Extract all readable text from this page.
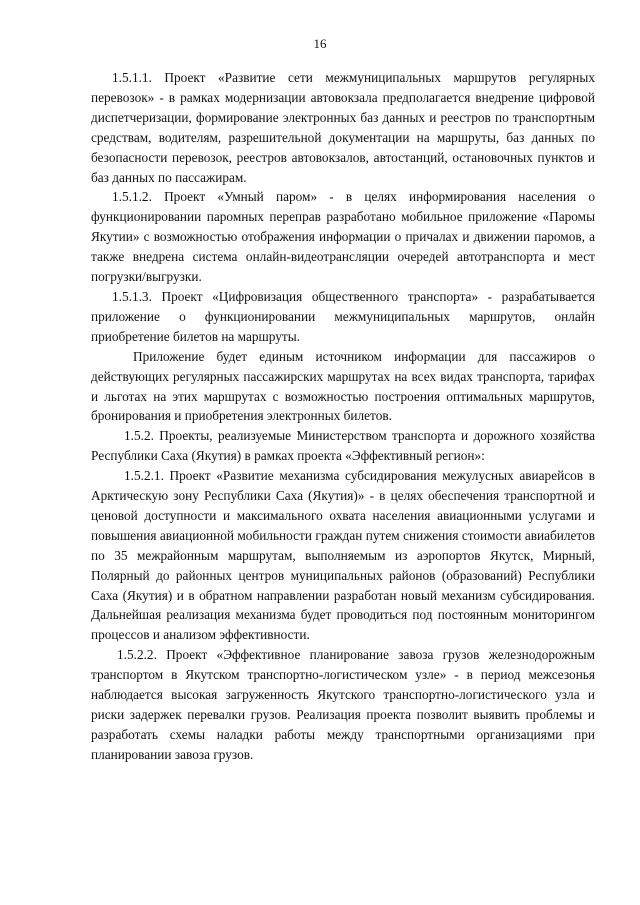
16

1.5.1.1. Проект «Развитие сети межмуниципальных маршрутов регулярных перевозок» - в рамках модернизации автовокзала предполагается внедрение цифровой диспетчеризации, формирование электронных баз данных и реестров по транспортным средствам, водителям, разрешительной документации на маршруты, баз данных по безопасности перевозок, реестров автовокзалов, автостанций, остановочных пунктов и баз данных по пассажирам.

1.5.1.2. Проект «Умный паром» - в целях информирования населения о функционировании паромных переправ разработано мобильное приложение «Паромы Якутии» с возможностью отображения информации о причалах и движении паромов, а также внедрена система онлайн-видеотрансляции очередей автотранспорта и мест погрузки/выгрузки.

1.5.1.3. Проект «Цифровизация общественного транспорта» - разрабатывается приложение о функционировании межмуниципальных маршрутов, онлайн приобретение билетов на маршруты.

Приложение будет единым источником информации для пассажиров о действующих регулярных пассажирских маршрутах на всех видах транспорта, тарифах и льготах на этих маршрутах с возможностью построения оптимальных маршрутов, бронирования и приобретения электронных билетов.

1.5.2. Проекты, реализуемые Министерством транспорта и дорожного хозяйства Республики Саха (Якутия) в рамках проекта «Эффективный регион»:

1.5.2.1. Проект «Развитие механизма субсидирования межулусных авиарейсов в Арктическую зону Республики Саха (Якутия)» - в целях обеспечения транспортной и ценовой доступности и максимального охвата населения авиационными услугами и повышения авиационной мобильности граждан путем снижения стоимости авиабилетов по 35 межрайонным маршрутам, выполняемым из аэропортов Якутск, Мирный, Полярный до районных центров муниципальных районов (образований) Республики Саха (Якутия) и в обратном направлении разработан новый механизм субсидирования. Дальнейшая реализация механизма будет проводиться под постоянным мониторингом процессов и анализом эффективности.

1.5.2.2. Проект «Эффективное планирование завоза грузов железнодорожным транспортом в Якутском транспортно-логистическом узле» - в период межсезонья наблюдается высокая загруженность Якутского транспортно-логистического узла и риски задержек перевалки грузов. Реализация проекта позволит выявить проблемы и разработать схемы наладки работы между транспортными организациями при планировании завоза грузов.
